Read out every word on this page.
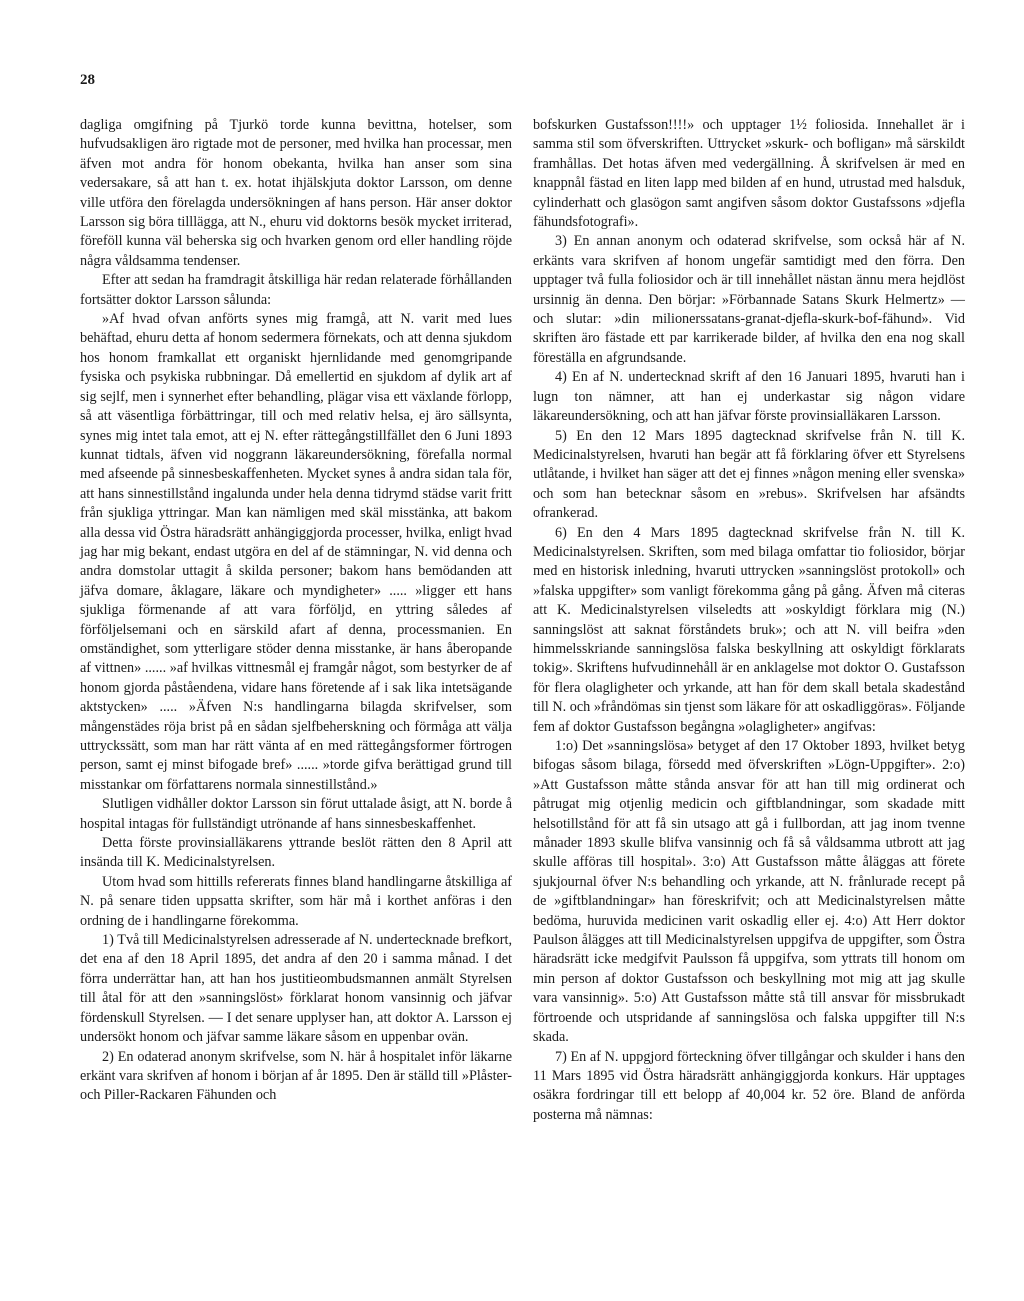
28

dagliga omgifning på Tjurkö torde kunna bevittna, hotelser, som hufvudsakligen äro rigtade mot de personer, med hvilka han processar, men äfven mot andra för honom obekanta, hvilka han anser som sina vedersakare, så att han t. ex. hotat ihjälskjuta doktor Larsson, om denne ville utföra den förelagda undersökningen af hans person. Här anser doktor Larsson sig böra tilllägga, att N., ehuru vid doktorns besök mycket irriterad, föreföll kunna väl beherska sig och hvarken genom ord eller handling röjde några våldsamma tendenser.

Efter att sedan ha framdragit åtskilliga här redan relaterade förhållanden fortsätter doktor Larsson sålunda:

»Af hvad ofvan anförts synes mig framgå, att N. varit med lues behäftad, ehuru detta af honom sedermera förnekats, och att denna sjukdom hos honom framkallat ett organiskt hjernlidande med genomgripande fysiska och psykiska rubbningar. Då emellertid en sjukdom af dylik art af sig sejlf, men i synnerhet efter behandling, plägar visa ett växlande förlopp, så att väsentliga förbättringar, till och med relativ helsa, ej äro sällsynta, synes mig intet tala emot, att ej N. efter rättegångstillfället den 6 Juni 1893 kunnat tidtals, äfven vid noggrann läkareundersökning, förefalla normal med afseende på sinnesbeskaffenheten. Mycket synes å andra sidan tala för, att hans sinnestillstånd ingalunda under hela denna tidrymd städse varit fritt från sjukliga yttringar. Man kan nämligen med skäl misstänka, att bakom alla dessa vid Östra häradsrätt anhängiggjorda processer, hvilka, enligt hvad jag har mig bekant, endast utgöra en del af de stämningar, N. vid denna och andra domstolar uttagit å skilda personer; bakom hans bemödanden att jäfva domare, åklagare, läkare och myndigheter» ..... »ligger ett hans sjukliga förmenande af att vara förföljd, en yttring således af förföljelsemani och en särskild afart af denna, processmanien. En omständighet, som ytterligare stöder denna misstanke, är hans åberopande af vittnen» ...... »af hvilkas vittnesmål ej framgår något, som bestyrker de af honom gjorda påståendena, vidare hans företende af i sak lika intetsägande aktstycken» ..... »Äfven N:s handlingarna bilagda skrifvelser, som mångenstädes röja brist på en sådan sjelfbeherskning och förmåga att välja uttryckssätt, som man har rätt vänta af en med rättegångsformer förtrogen person, samt ej minst bifogade bref» ...... »torde gifva berättigad grund till misstankar om författarens normala sinnestillstånd.»

Slutligen vidhåller doktor Larsson sin förut uttalade åsigt, att N. borde å hospital intagas för fullständigt utrönande af hans sinnesbeskaffenhet.

Detta förste provinsialläkarens yttrande beslöt rätten den 8 April att insända till K. Medicinalstyrelsen.

Utom hvad som hittills refererats finnes bland handlingarne åtskilliga af N. på senare tiden uppsatta skrifter, som här må i korthet anföras i den ordning de i handlingarne förekomma.

1) Två till Medicinalstyrelsen adresserade af N. undertecknade brefkort, det ena af den 18 April 1895, det andra af den 20 i samma månad. I det förra underrättar han, att han hos justitieombudsmannen anmält Styrelsen till åtal för att den »sanningslöst» förklarat honom vansinnig och jäfvar fördenskull Styrelsen. — I det senare upplyser han, att doktor A. Larsson ej undersökt honom och jäfvar samme läkare såsom en uppenbar ovän.

2) En odaterad anonym skrifvelse, som N. här å hospitalet inför läkarne erkänt vara skrifven af honom i början af år 1895. Den är ställd till »Plåster- och Piller-Rackaren Fähunden och

bofskurken Gustafsson!!!!» och upptager 1½ foliosida. Innehallet är i samma stil som öfverskriften. Uttrycket »skurk- och bofligan» må särskildt framhållas. Det hotas äfven med vedergällning. Å skrifvelsen är med en knappnål fästad en liten lapp med bilden af en hund, utrustad med halsduk, cylinderhatt och glasögon samt angifven såsom doktor Gustafssons »djefla fähundsfotografi».

3) En annan anonym och odaterad skrifvelse, som också här af N. erkänts vara skrifven af honom ungefär samtidigt med den förra. Den upptager två fulla foliosidor och är till innehållet nästan ännu mera hejdlöst ursinnig än denna. Den börjar: »Förbannade Satans Skurk Helmertz» — och slutar: »din milionerssatans-granat-djefla-skurk-bof-fähund». Vid skriften äro fästade ett par karrikerade bilder, af hvilka den ena nog skall föreställa en afgrundsande.

4) En af N. undertecknad skrift af den 16 Januari 1895, hvaruti han i lugn ton nämner, att han ej underkastar sig någon vidare läkareundersökning, och att han jäfvar förste provinsialläkaren Larsson.

5) En den 12 Mars 1895 dagtecknad skrifvelse från N. till K. Medicinalstyrelsen, hvaruti han begär att få förklaring öfver ett Styrelsens utlåtande, i hvilket han säger att det ej finnes »någon mening eller svenska» och som han betecknar såsom en »rebus». Skrifvelsen har afsändts ofrankerad.

6) En den 4 Mars 1895 dagtecknad skrifvelse från N. till K. Medicinalstyrelsen. Skriften, som med bilaga omfattar tio foliosidor, börjar med en historisk inledning, hvaruti uttrycken »sanningslöst protokoll» och »falska uppgifter» som vanligt förekomma gång på gång. Äfven må citeras att K. Medicinalstyrelsen vilseledts att »oskyldigt förklara mig (N.) sanningslöst att saknat förståndets bruk»; och att N. vill beifra »den himmelsskriande sanningslösa falska beskyllning att oskyldigt förklarats tokig». Skriftens hufvudinnehåll är en anklagelse mot doktor O. Gustafsson för flera olagligheter och yrkande, att han för dem skall betala skadestånd till N. och »fråndömas sin tjenst som läkare för att oskadliggöras». Följande fem af doktor Gustafsson begångna »olagligheter» angifvas:

1:o) Det »sanningslösa» betyget af den 17 Oktober 1893, hvilket betyg bifogas såsom bilaga, försedd med öfverskriften »Lögn-Uppgifter». 2:o) »Att Gustafsson måtte stånda ansvar för att han till mig ordinerat och påtrugat mig otjenlig medicin och giftblandningar, som skadade mitt helsotillstånd för att få sin utsago att gå i fullbordan, att jag inom tvenne månader 1893 skulle blifva vansinnig och få så våldsamma utbrott att jag skulle afföras till hospital». 3:o) Att Gustafsson måtte åläggas att förete sjukjournal öfver N:s behandling och yrkande, att N. frånlurade recept på de »giftblandningar» han föreskrifvit; och att Medicinalstyrelsen måtte bedöma, huruvida medicinen varit oskadlig eller ej. 4:o) Att Herr doktor Paulson ålägges att till Medicinalstyrelsen uppgifva de uppgifter, som Östra häradsrätt icke medgifvit Paulsson få uppgifva, som yttrats till honom om min person af doktor Gustafsson och beskyllning mot mig att jag skulle vara vansinnig». 5:o) Att Gustafsson måtte stå till ansvar för missbrukadt förtroende och utspridande af sanningslösa och falska uppgifter till N:s skada.

7) En af N. uppgjord förteckning öfver tillgångar och skulder i hans den 11 Mars 1895 vid Östra häradsrätt anhängiggjorda konkurs. Här upptages osäkra fordringar till ett belopp af 40,004 kr. 52 öre. Bland de anförda posterna må nämnas:
